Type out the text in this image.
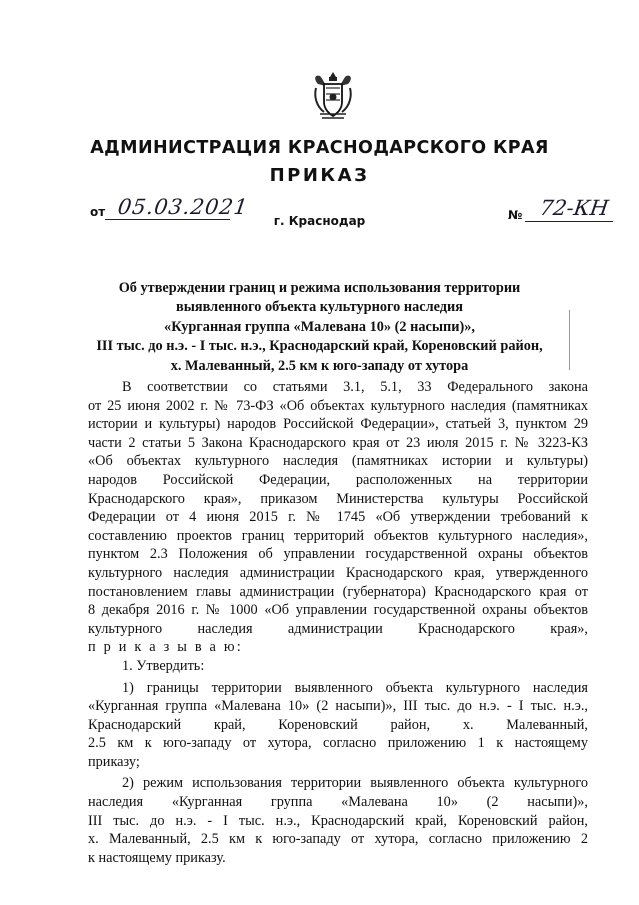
АДМИНИСТРАЦИЯ КРАСНОДАРСКОГО КРАЯ
ПРИКАЗ
от 05.03.2021
г. Краснодар	№ 72-КН
Об утверждении границ и режима использования территории
выявленного объекта культурного наследия
«Курганная группа «Малевана 10» (2 насыпи)»,
III тыс. до н.э. - I тыс. н.э., Краснодарский край, Кореновский район,
х. Малеванный, 2.5 км к юго-западу от хутора
В соответствии со статьями 3.1, 5.1, 33 Федерального закона
от 25 июня 2002 г. № 73-ФЗ «Об объектах культурного наследия (памятниках
истории и культуры) народов Российской Федерации», статьей 3, пунктом 29
части 2 статьи 5 Закона Краснодарского края от 23 июля 2015 г. № 3223-КЗ
«Об объектах культурного наследия (памятниках истории и культуры)
народов Российской Федерации, расположенных на территории
Краснодарского края», приказом Министерства культуры Российской
Федерации от 4 июня 2015 г. № 1745 «Об утверждении требований к
составлению проектов границ территорий объектов культурного наследия»,
пунктом 2.3 Положения об управлении государственной охраны объектов
культурного наследия администрации Краснодарского края, утвержденного
постановлением главы администрации (губернатора) Краснодарского края от
8 декабря 2016 г. № 1000 «Об управлении государственной охраны объектов
культурного наследия администрации Краснодарского края»,
п р и к а з ы в а ю:
1. Утвердить:
1) границы территории выявленного объекта культурного наследия
«Курганная группа «Малевана 10» (2 насыпи)», III тыс. до н.э. - I тыс. н.э.,
Краснодарский край, Кореновский район, х. Малеванный,
2.5 км к юго-западу от хутора, согласно приложению 1 к настоящему
приказу;
2) режим использования территории выявленного объекта культурного
наследия «Курганная группа «Малевана 10» (2 насыпи)»,
III тыс. до н.э. - I тыс. н.э., Краснодарский край, Кореновский район,
х. Малеванный, 2.5 км к юго-западу от хутора, согласно приложению 2
к настоящему приказу.
